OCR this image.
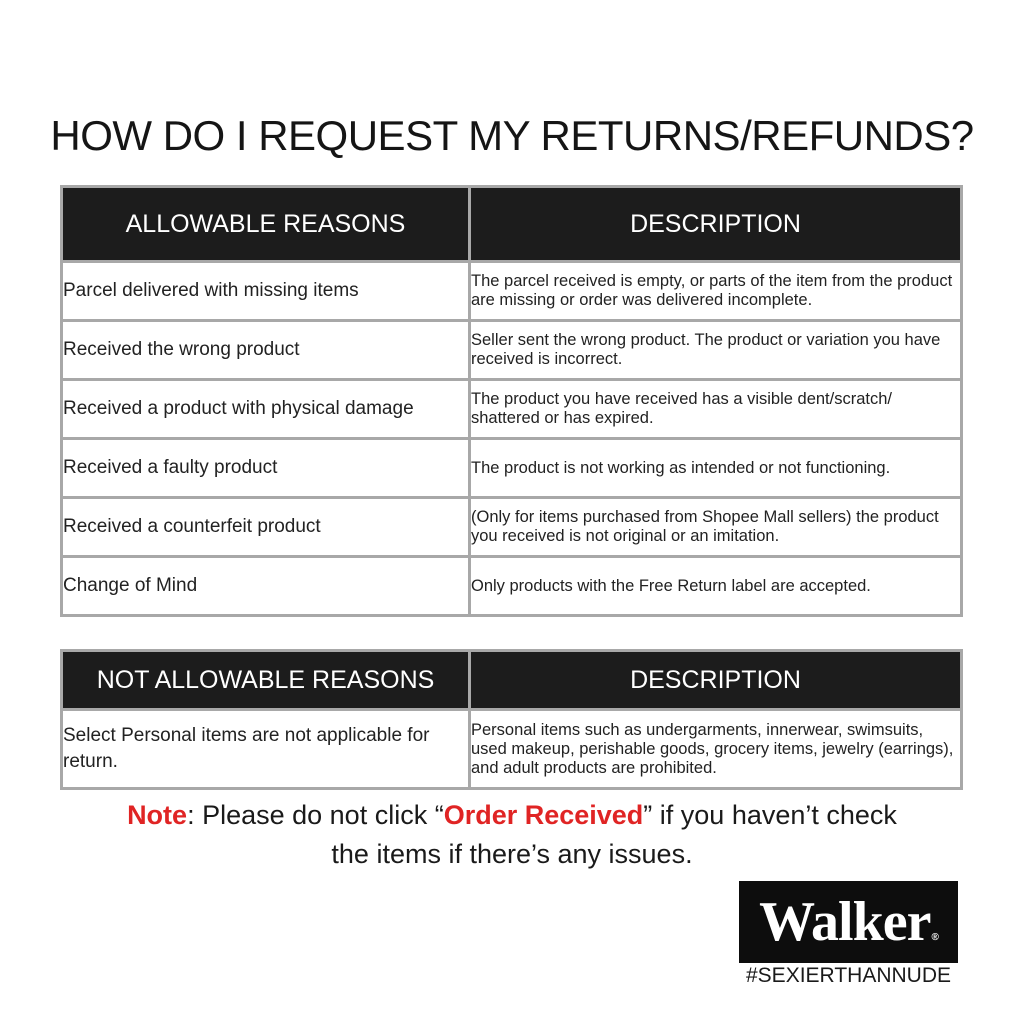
HOW DO I REQUEST MY RETURNS/REFUNDS?
ALLOWABLE REASONS	DESCRIPTION
Parcel delivered with missing items	The parcel received is empty, or parts of the item from the product are missing or order was delivered incomplete.
Received the wrong product	Seller sent the wrong product. The product or variation you have received is incorrect.
Received a product with physical damage	The product you have received has a visible dent/scratch/ shattered or has expired.
Received a faulty product	The product is not working as intended or not functioning.
Received a counterfeit product	(Only for items purchased from Shopee Mall sellers) the product you received is not original or an imitation.
Change of Mind	Only products with the Free Return label are accepted.
NOT ALLOWABLE REASONS	DESCRIPTION
Select Personal items are not applicable for return.	Personal items such as undergarments, innerwear, swimsuits, used makeup, perishable goods, grocery items, jewelry (earrings), and adult products are prohibited.
Note: Please do not click “Order Received” if you haven’t check
the items if there’s any issues.
Walker®
#SEXIERTHANNUDE
